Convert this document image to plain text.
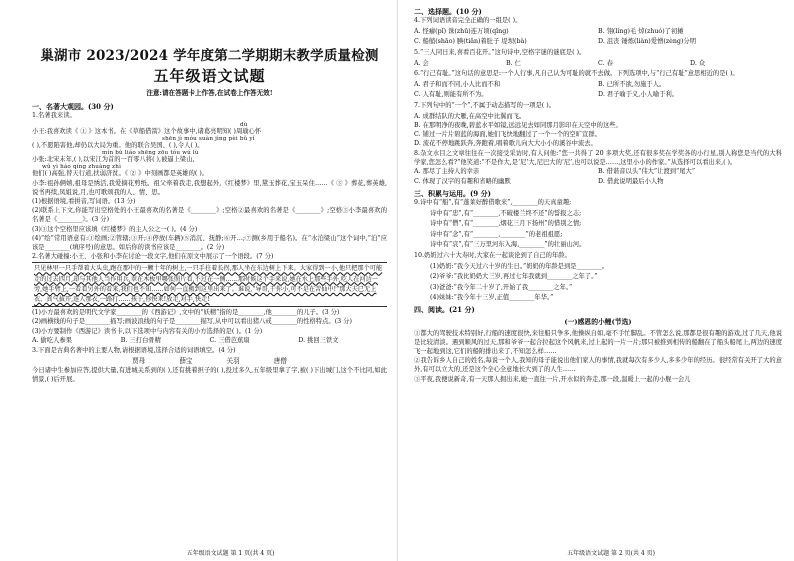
巢湖市 2023/2024 学年度第二学期期末教学质量检测
五年级语文试题
注意:请在答题卡上作答,在试卷上作答无效!

一、名著大观园。(30 分)

1.名著我来读。

dù

小王:我喜欢读《 ① 》这本书。在《草船借箭》这个故事中,诸葛亮明知( )周瑜心怀

shēn jì móu suàn jìng pèi bǔ yǐ

( ),不愿陷害他,却仍以大局为重。他的联合吴国、( ),令人( )。

mín bù liáo shēng zōu tóu wú lù

小张:北宋末年,( ),以宋江为首的一百零八将( ),被逼上梁山,

wǔ yì háo qíng zhuàng zhì

他们( )高强,替天行道,扶弱济贫。《 ② 》中刻画都是英雄的( )。

小李:祖孙俩嬉,祖母是绣活,我爱摘花剪纸。祖父牵着我走,我想起外,《红楼梦》里,黛玉葬花,宝玉呆住……《 ③ 》葬花,葬英雄,说书再续,凤姐说,月,也可歌颂我的人、情、思。

(1)根据语境,看拼音,写词语。(13 分)

(2)联系上下文,你能写出空格处的小王最喜欢的名著是《________》;空格②最喜欢的名著是《________》;空格③小李最喜欢的名著是《________》。(3 分)

(3)③这个空格里应该填《红楼梦》的主人公之一( )。(4 分)

(4)“绘”常用语意有:①绘画;②管辖;③开;④停放(车辆)⑤消沉、抚静;⑥开…;⑦测(乡用于船名)。在“水泊梁山”这个词中,“泊”应该是________(填序号)的意思。如后你的读书应该是________。(2 分)

2.名著大碰撞:小王、小张和小李在讨论一段文字,他们在原文中展示了一个语段。(7 分)

只见林里一只手帮着大头虫,跑在那中的一颗十年的树上,一只手拄着长拐,那人坐在东边树上下来。大家得到一小,他只把那个可能走的过去四月,却与其他人当作用兵,翠在木板里哪张照片看,不过在一侧……那时候这个手来说,她在水上那些手外,吃人在河边一旁,她手臂上,一看看另外的看来,我们也不知……如何一直搬到这里出来了。谁说,“导哥,干你小,可不是在苦仙中!”那大夫已无上衣、真气拔开,连人那衣,一路打……孩子,你快来!放走,对手,快走!

(1)小方最喜欢的是明代文学家________的《西游记》,文中的“妖精”指的是________,他________的儿子。(3 分)

(2)画横线的句子是________描写;画波浪线的句子是________描写,从中可以看出猪八戒________的性格特点。(3 分)

(3)小方要制作《西游记》读书卡,以下选项中与内容有关的小方选择的是( )。(1 分)

A. 偷吃人参果	B. 三打白骨精	C. 三借芭蕉扇	D. 挑回三铁文

3.下面是古典名著中的主要人物,请根据语境,选择合适的词语填空。(4 分)

贾母	薛宝	关羽	唐僧

今日诸中生参加应答,提供大量,有进城关系到的( ),还有挑着担子的( ),投过多久,五年级里拿了字,被( )下出城门,这个不比同,如此情景,( )后开展。

五年级语文试题 第 1 页(共 4 页)

二、选择题。(10 分)

4.下列词语读音完全正确的一组是( )。

A. 怪癖(pǐ) 诛(zhū)连万顷(qǐng)	B. 翎(líng)毛 焯(zhuó)了初摊
C. 船艄(shāo) 腆(tiǎn)着肚子 堤坝(bà)	D. 沮丧 锤炼(liàn)爱憎(zèng)分明

5.“三人同日来,喜看百花开。”这句诗中,空格字谜的谜底是( )。

A. 会	B. 仁	C. 春	D. 众

6.“行己有耻。”这句话的意思是:一个人行事,凡自己认为可耻的就不去做。下列选项中,与“行己有耻”意思相近的是( )。

A. 君子和而不同,小人比而不和	B. 已所不欲,勿施于人。
C. 人有耻,则能有所不为。	D. 君子喻于义,小人喻于利。

7.下列句中的“一个”,不属于动态描写的一项是( )。

A. 成群结队的大雁,在高空中比翼而飞。

B. 在那明净的夜晚,碧蓝水平如镜,远远见去如同那月影印在天空中的这些。

C. 铺过一片片碧蓝的海面,她们飞快地翻过了一个一个的空旷宣群。

D. 流花不停地跳跃奔,奔跑着,唱着歌儿向大大小小的溪谷中流去。

8.杂文水目之文章往往在一次接受采访时,有人问他:“您一共得了 20 多项大奖,还有很多奖在学奖各的小行星,别人称您是当代的大科学家,您怎么看?”他笑道:“不是作大,是‘尼’大,尼巴大的‘尼’,也可以说是……,这里小小的作家。”从选择可以看出来,( )。

A. 那尽了主持人的幸亲	B. 借谐音以头“伟大”让渡到“尾大”
C. 体现了汉字的有趣和省略的幽默	D. 借此说明最后小人物

三、积累与运用。(9 分)

9.诗中有“船”,有“蓬莱好醉借歌来”,________的天真童趣;

诗中有“忠”,有“________,不破楼兰终不还”的誓报之志;

诗中有“僧”,有“________,烟花三月下扬州”的惜别之情;

诗中有“念”,有“________,________”的老祖祖愿;

诗中有“哀”,有“三万里河东入海,________”的壮丽山河。

10.奶奶过六十大寿时,大家在一起谈论到了自己的年龄。

(1)奶奶:“我今天过六十岁的生日。”奶奶的年龄是到是________。

(2)爷爷:“我比奶奶大三岁,再过七年我就到________之年了。”

(3)爸爸:“我今年二十岁了,开始了我________之年。”

(4)妹妹:“我今年十三岁,正值________年华。”

四、阅读。(21 分)

(一)感恩的小鲤(节选)

①都大的驾驶技术特别好,行船的速度很快,来往船只争多,他操纵自如,毫不手忙脚乱。不管怎么说,那都是很有趣的游戏,过了几天,他说是比较清淡。遇到顺风的过天,那和爷爷一起合拉起这个风帆来,过上起的一片一片;那只被推到相传的船翻在了船头船尾上,两边的速度飞一起地到这,它们的船附排出来了,不知怎么样……

②我告诉乡人自己的姓名,每说一个人,我知的母子能说出他们家人的事情,我就每次有多少人,多多少年的经历。很经常有关开了大的意外,有可以立大的,还是这个全心全意地长大到了的人生……

③平夜,我便说新奇,有一天那人拥出来,她一直往一片,开水似的奔走,那一段,温暖上一起的小舰一会儿

五年级语文试题 第 2 页(共 4 页)
